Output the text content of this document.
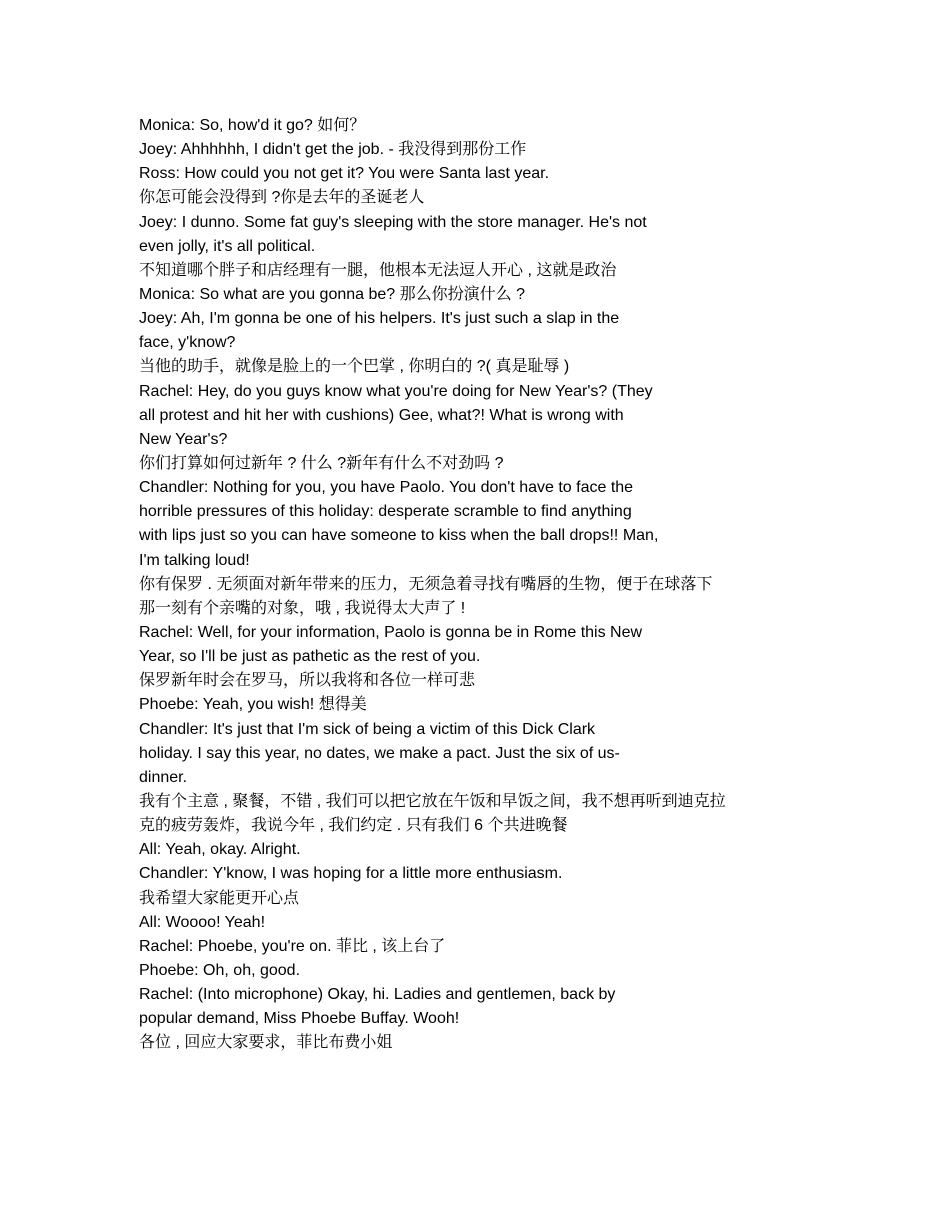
Monica: So, how'd it go? 如何？
Joey: Ahhhhhh, I didn't get the job. - 我没得到那份工作
Ross: How could you not get it? You were Santa last year.
你怎可能会没得到 ?你是去年的圣诞老人
Joey: I dunno. Some fat guy's sleeping with the store manager. He's not
even jolly, it's all political.
不知道哪个胖子和店经理有一腿，他根本无法逗人开心 , 这就是政治
Monica: So what are you gonna be? 那么你扮演什么 ?
Joey: Ah, I'm gonna be one of his helpers. It's just such a slap in the
face, y'know?
当他的助手，就像是脸上的一个巴掌 , 你明白的 ?( 真是耻辱 )
Rachel: Hey, do you guys know what you're doing for New Year's? (They
all protest and hit her with cushions) Gee, what?! What is wrong with
New Year's?
你们打算如何过新年 ? 什么 ?新年有什么不对劲吗 ?
Chandler: Nothing for you, you have Paolo. You don't have to face the
horrible pressures of this holiday: desperate scramble to find anything
with lips just so you can have someone to kiss when the ball drops!! Man,
I'm talking loud!
你有保罗 . 无须面对新年带来的压力，无须急着寻找有嘴唇的生物，便于在球落下
那一刻有个亲嘴的对象，哦 , 我说得太大声了 !
Rachel: Well, for your information, Paolo is gonna be in Rome this New
Year, so I'll be just as pathetic as the rest of you.
保罗新年时会在罗马，所以我将和各位一样可悲
Phoebe: Yeah, you wish! 想得美
Chandler: It's just that I'm sick of being a victim of this Dick Clark
holiday. I say this year, no dates, we make a pact. Just the six of us-
dinner.
我有个主意 , 聚餐，不错 , 我们可以把它放在午饭和早饭之间，我不想再听到迪克拉
克的疲劳轰炸，我说今年 , 我们约定 . 只有我们 6 个共进晚餐
All: Yeah, okay. Alright.
Chandler: Y'know, I was hoping for a little more enthusiasm.
我希望大家能更开心点
All: Woooo! Yeah!
Rachel: Phoebe, you're on. 菲比 , 该上台了
Phoebe: Oh, oh, good.
Rachel: (Into microphone) Okay, hi. Ladies and gentlemen, back by
popular demand, Miss Phoebe Buffay. Wooh!
各位 , 回应大家要求，菲比布费小姐
